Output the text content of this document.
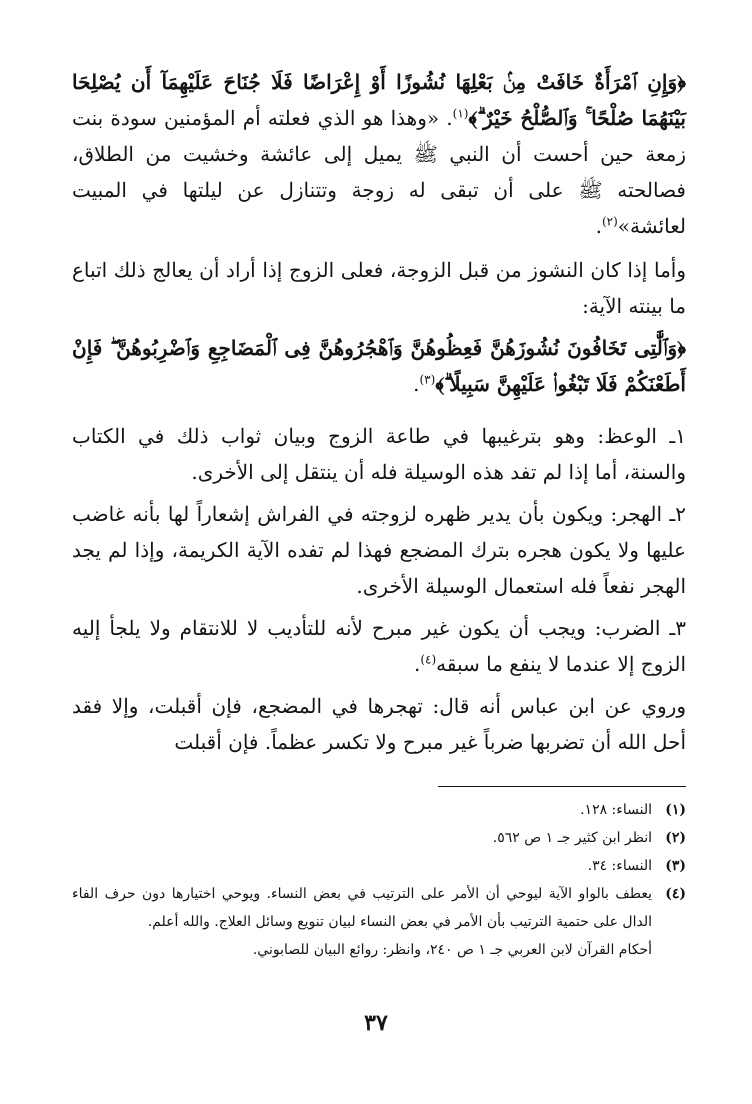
﴿وَإِنِ ٱمْرَأَةٌ خَافَتْ مِنۢ بَعْلِهَا نُشُوزًا أَوْ إِعْرَاضًا فَلَا جُنَاحَ عَلَيْهِمَآ أَن يُصْلِحَا بَيْنَهُمَا صُلْحًا ۚ وَٱلصُّلْحُ خَيْرٌ ۗ﴾$^{(١)}$. «وهذا هو الذي فعلته أم المؤمنين سودة بنت زمعة حين أحست أن النبي ﷺ يميل إلى عائشة وخشيت من الطلاق، فصالحته ﷺ على أن تبقى له زوجة وتتنازل عن ليلتها في المبيت لعائشة»$^{(٢)}$.

وأما إذا كان النشوز من قبل الزوجة، فعلى الزوج إذا أراد أن يعالج ذلك اتباع ما بينته الآية:

﴿وَٱلَّٰتِى تَخَافُونَ نُشُوزَهُنَّ فَعِظُوهُنَّ وَٱهْجُرُوهُنَّ فِى ٱلْمَضَاجِعِ وَٱضْرِبُوهُنَّ ۖ فَإِنْ أَطَعْنَكُمْ فَلَا تَبْغُوا۟ عَلَيْهِنَّ سَبِيلًا ۗ﴾$^{(٣)}$.

١ـ الوعظ: وهو بترغيبها في طاعة الزوج وبيان ثواب ذلك في الكتاب والسنة، أما إذا لم تفد هذه الوسيلة فله أن ينتقل إلى الأخرى.

٢ـ الهجر: ويكون بأن يدير ظهره لزوجته في الفراش إشعاراً لها بأنه غاضب عليها ولا يكون هجره بترك المضجع فهذا لم تفده الآية الكريمة، وإذا لم يجد الهجر نفعاً فله استعمال الوسيلة الأخرى.

٣ـ الضرب: ويجب أن يكون غير مبرح لأنه للتأديب لا للانتقام ولا يلجأ إليه الزوج إلا عندما لا ينفع ما سبقه$^{(٤)}$.

وروي عن ابن عباس أنه قال: تهجرها في المضجع، فإن أقبلت، وإلا فقد أحل الله أن تضربها ضرباً غير مبرح ولا تكسر عظماً. فإن أقبلت

(١)
النساء: ١٢٨.
(٢)
انظر ابن كثير جـ ١ ص ٥٦٢.
(٣)
النساء: ٣٤.
(٤)
يعطف بالواو الآية ليوحي أن الأمر على الترتيب في بعض النساء. ويوحي اختيارها دون حرف الفاء الدال على حتمية الترتيب بأن الأمر في بعض النساء لبيان تنويع وسائل العلاج. والله أعلم.
أحكام القرآن لابن العربي جـ ١ ص ٢٤٠، وانظر: روائع البيان للصابوني.
٣٧
